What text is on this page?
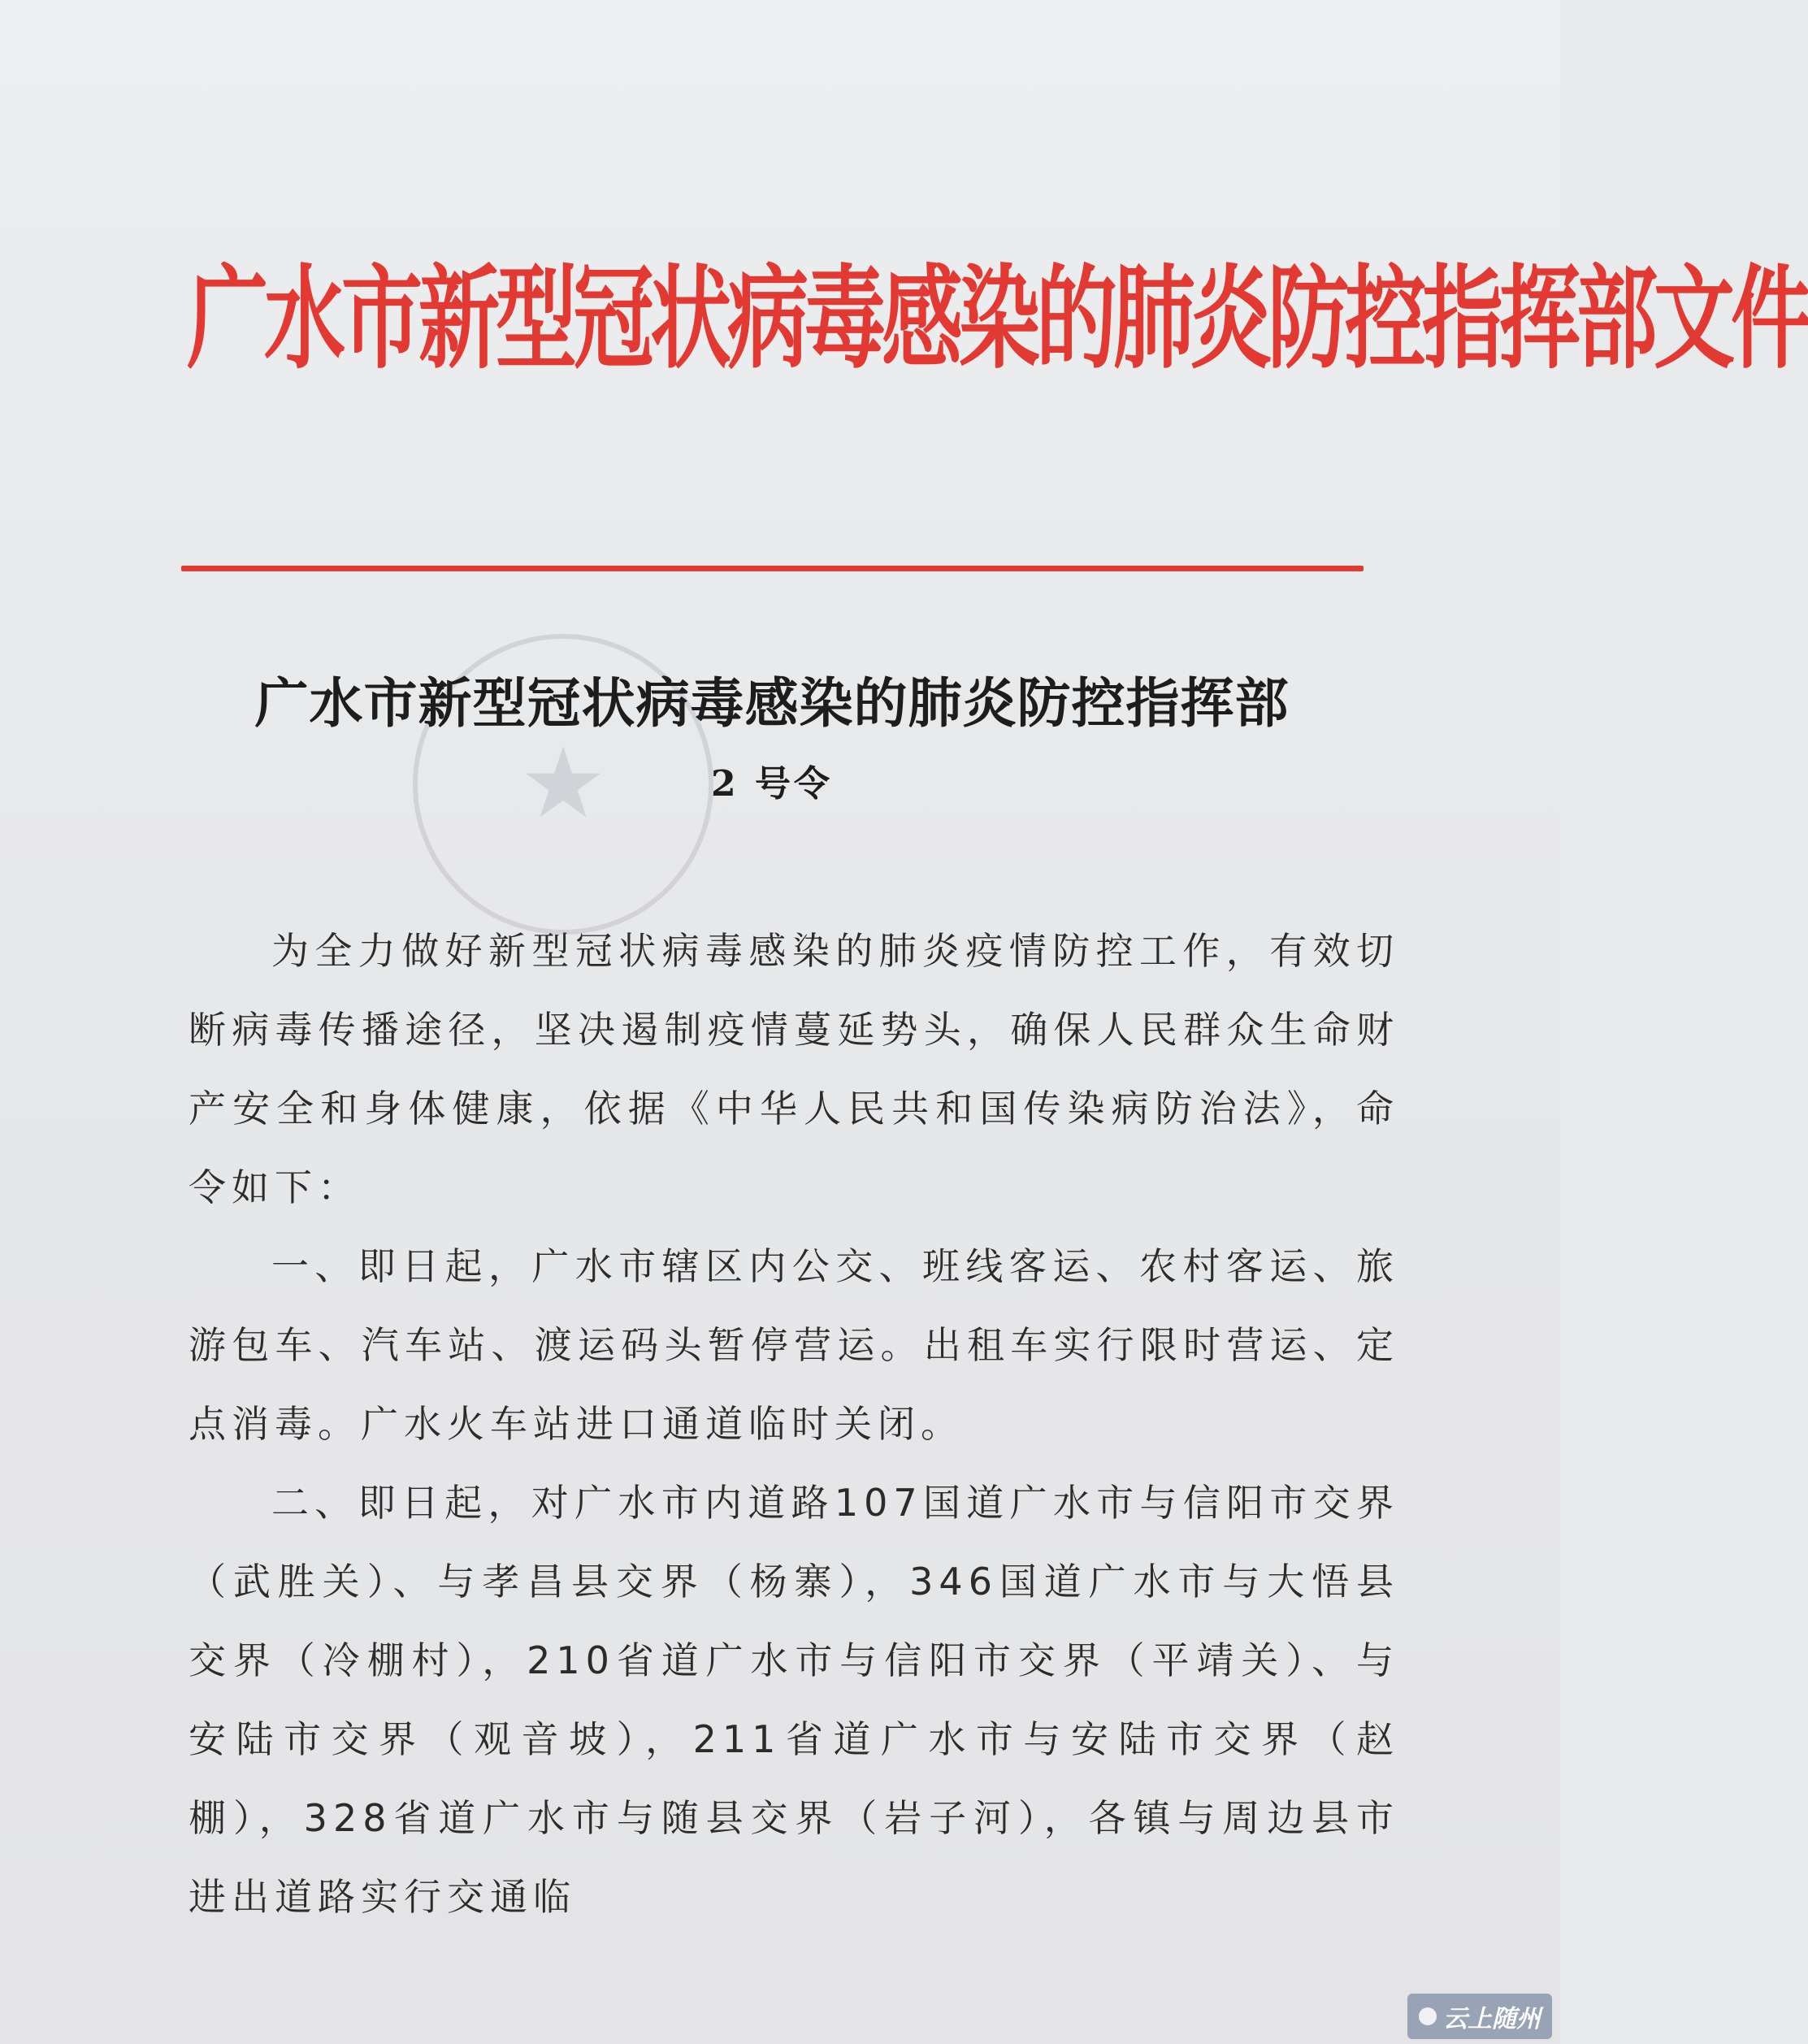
广水市新型冠状病毒感染的肺炎防控指挥部文件
★
广水市新型冠状病毒感染的肺炎防控指挥部
2 号令

为全力做好新型冠状病毒感染的肺炎疫情防控工作，有效切断病毒传播途径，坚决遏制疫情蔓延势头，确保人民群众生命财产安全和身体健康，依据《中华人民共和国传染病防治法》，命令如下：

一、即日起，广水市辖区内公交、班线客运、农村客运、旅游包车、汽车站、渡运码头暂停营运。出租车实行限时营运、定点消毒。广水火车站进口通道临时关闭。

二、即日起，对广水市内道路107国道广水市与信阳市交界（武胜关）、与孝昌县交界（杨寨），346国道广水市与大悟县交界（冷棚村），210省道广水市与信阳市交界（平靖关）、与安陆市交界（观音坡），211省道广水市与安陆市交界（赵棚），328省道广水市与随县交界（岩子河），各镇与周边县市进出道路实行交通临

云上随州
